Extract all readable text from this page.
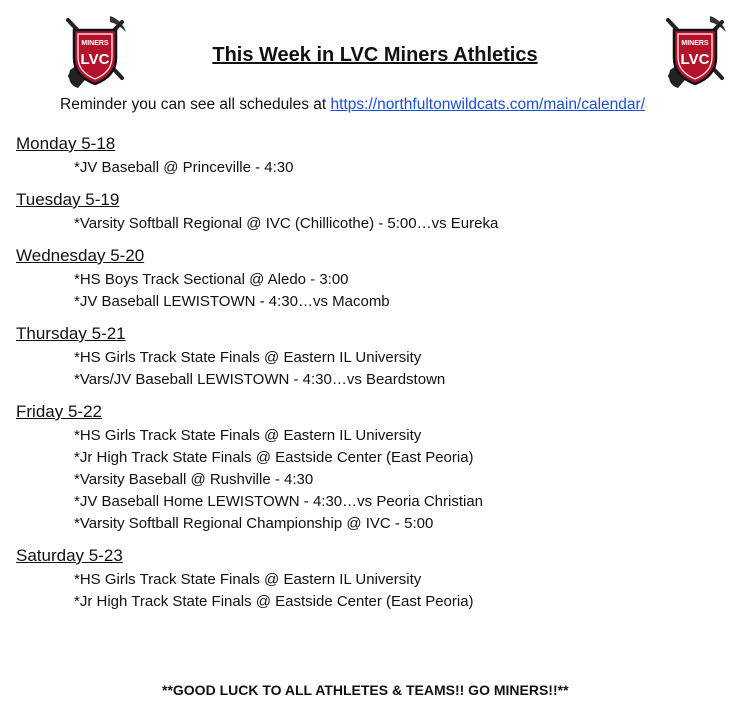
MINERS
LVC
MINERS
LVC
This Week in LVC Miners Athletics
Reminder you can see all schedules at https://northfultonwildcats.com/main/calendar/
Monday 5-18
*JV Baseball @ Princeville - 4:30
Tuesday 5-19
*Varsity Softball Regional @ IVC (Chillicothe) - 5:00…vs Eureka
Wednesday 5-20
*HS Boys Track Sectional @ Aledo - 3:00
*JV Baseball LEWISTOWN - 4:30…vs Macomb
Thursday 5-21
*HS Girls Track State Finals @ Eastern IL University
*Vars/JV Baseball LEWISTOWN - 4:30…vs Beardstown
Friday 5-22
*HS Girls Track State Finals @ Eastern IL University
*Jr High Track State Finals @ Eastside Center (East Peoria)
*Varsity Baseball @ Rushville - 4:30
*JV Baseball Home LEWISTOWN - 4:30…vs Peoria Christian
*Varsity Softball Regional Championship @ IVC - 5:00
Saturday 5-23
*HS Girls Track State Finals @ Eastern IL University
*Jr High Track State Finals @ Eastside Center (East Peoria)
**GOOD LUCK TO ALL ATHLETES & TEAMS!! GO MINERS!!**
